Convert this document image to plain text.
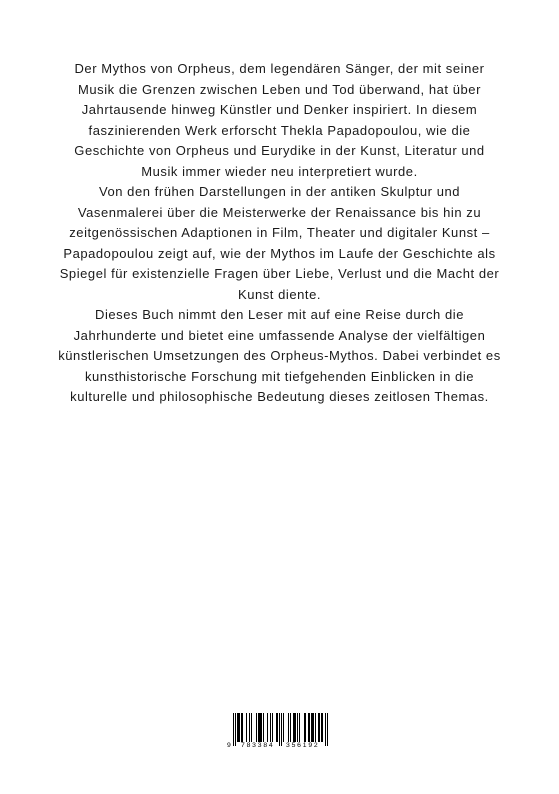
Der Mythos von Orpheus, dem legendären Sänger, der mit seiner Musik die Grenzen zwischen Leben und Tod überwand, hat über Jahrtausende hinweg Künstler und Denker inspiriert. In diesem faszinierenden Werk erforscht Thekla Papadopoulou, wie die Geschichte von Orpheus und Eurydike in der Kunst, Literatur und Musik immer wieder neu interpretiert wurde.

Von den frühen Darstellungen in der antiken Skulptur und Vasenmalerei über die Meisterwerke der Renaissance bis hin zu zeitgenössischen Adaptionen in Film, Theater und digitaler Kunst – Papadopoulou zeigt auf, wie der Mythos im Laufe der Geschichte als Spiegel für existenzielle Fragen über Liebe, Verlust und die Macht der Kunst diente.

Dieses Buch nimmt den Leser mit auf eine Reise durch die Jahrhunderte und bietet eine umfassende Analyse der vielfältigen künstlerischen Umsetzungen des Orpheus-Mythos. Dabei verbindet es kunsthistorische Forschung mit tiefgehenden Einblicken in die kulturelle und philosophische Bedeutung dieses zeitlosen Themas.

9 783384 356192
